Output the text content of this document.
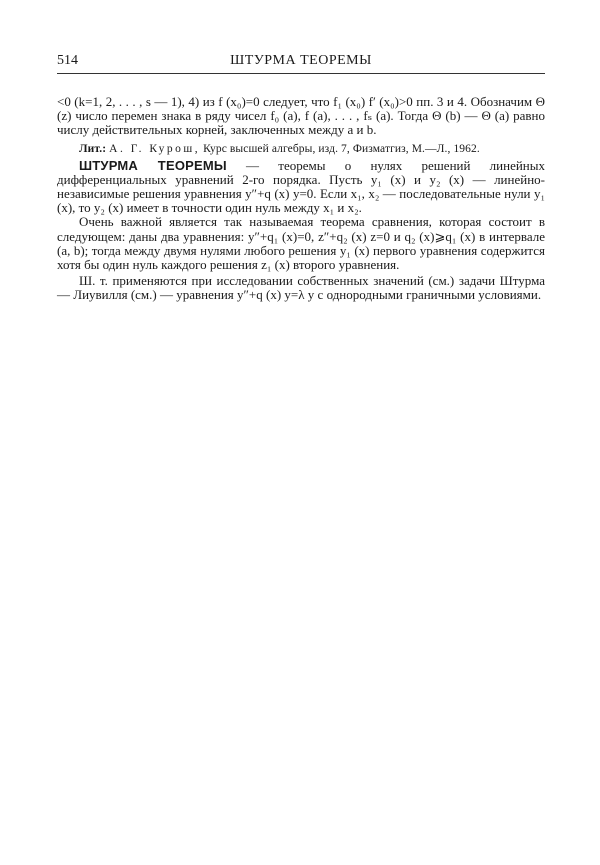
514	ШТУРМА ТЕОРЕМЫ

<0 (k=1, 2, . . . , s — 1), 4) из f (x₀)=0 следует, что f₁ (x₀) f′ (x₀)>0 пп. 3 и 4. Обозначим Θ (z) число перемен знака в ряду чисел f₀ (a), f (a), . . . , fₛ (a). Тогда Θ (b) — Θ (a) равно числу действительных корней, заключенных между a и b.

Лит.: А. Г. Курош, Курс высшей алгебры, изд. 7, Физматгиз, М.—Л., 1962.

ШТУРМА ТЕОРЕМЫ — теоремы о нулях решений линейных дифференциальных уравнений 2-го порядка. Пусть y₁ (x) и y₂ (x) — линейно-независимые решения уравнения y″+q (x) y=0. Если x₁, x₂ — последовательные нули y₁ (x), то y₂ (x) имеет в точности один нуль между x₁ и x₂.

Очень важной является так называемая теорема сравнения, которая состоит в следующем: даны два уравнения: y″+q₁ (x)=0, z″+q₂ (x) z=0 и q₂ (x)⩾q₁ (x) в интервале (a, b); тогда между двумя нулями любого решения y₁ (x) первого уравнения содержится хотя бы один нуль каждого решения z₁ (x) второго уравнения.

Ш. т. применяются при исследовании собственных значений (см.) задачи Штурма — Лиувилля (см.) — уравнения y″+q (x) y=λ y с однородными граничными условиями.
